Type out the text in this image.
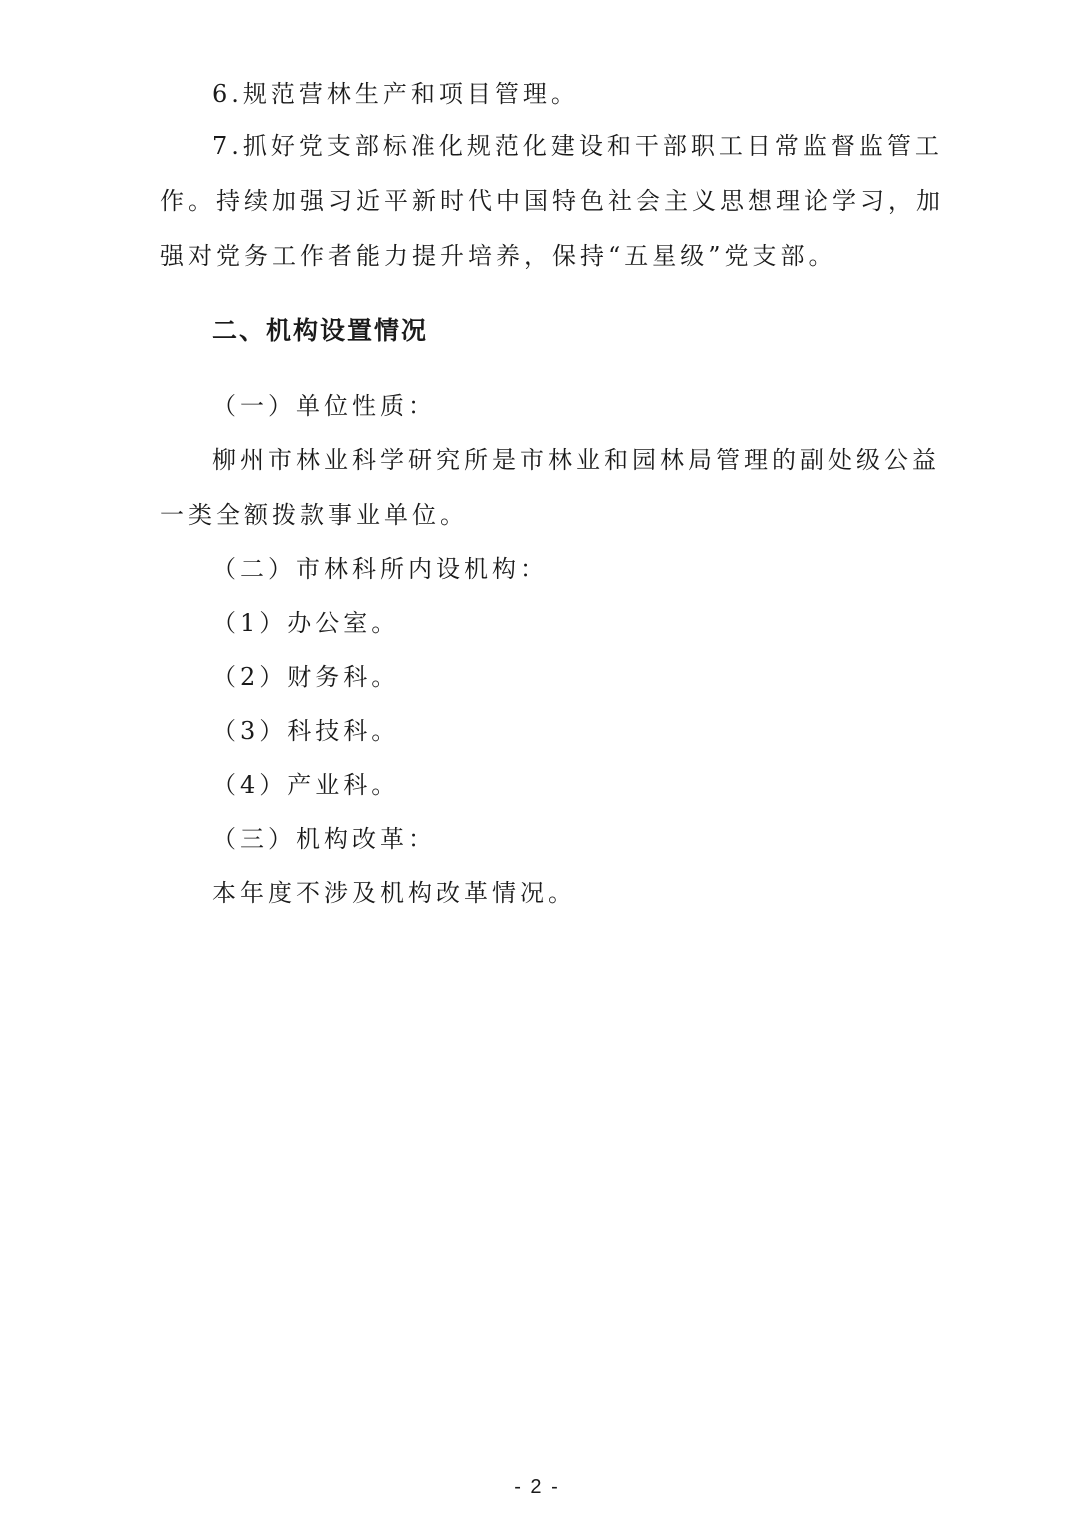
6.规范营林生产和项目管理。
7.抓好党支部标准化规范化建设和干部职工日常监督监管工
作。持续加强习近平新时代中国特色社会主义思想理论学习，加
强对党务工作者能力提升培养，保持“五星级”党支部。
二、机构设置情况
（一）单位性质：
柳州市林业科学研究所是市林业和园林局管理的副处级公益
一类全额拨款事业单位。
（二）市林科所内设机构：
（1）办公室。
（2）财务科。
（3）科技科。
（4）产业科。
（三）机构改革：
本年度不涉及机构改革情况。
- 2 -
